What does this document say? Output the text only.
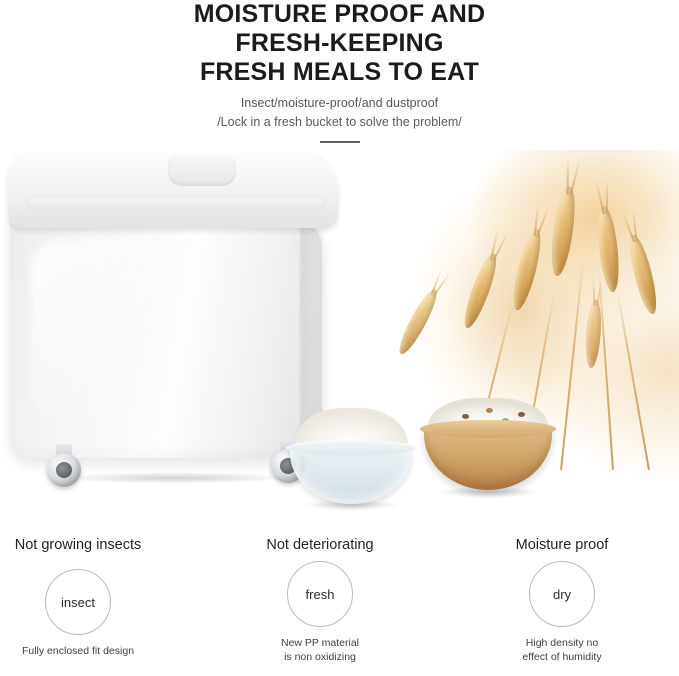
MOISTURE PROOF AND
FRESH-KEEPING
FRESH MEALS TO EAT
Insect/moisture-proof/and dustproof
/Lock in a fresh bucket to solve the problem/
Not growing insects
insect
Fully enclosed fit design
Not deteriorating
fresh
New PP material
is non oxidizing
Moisture proof
dry
High density no
effect of humidity
